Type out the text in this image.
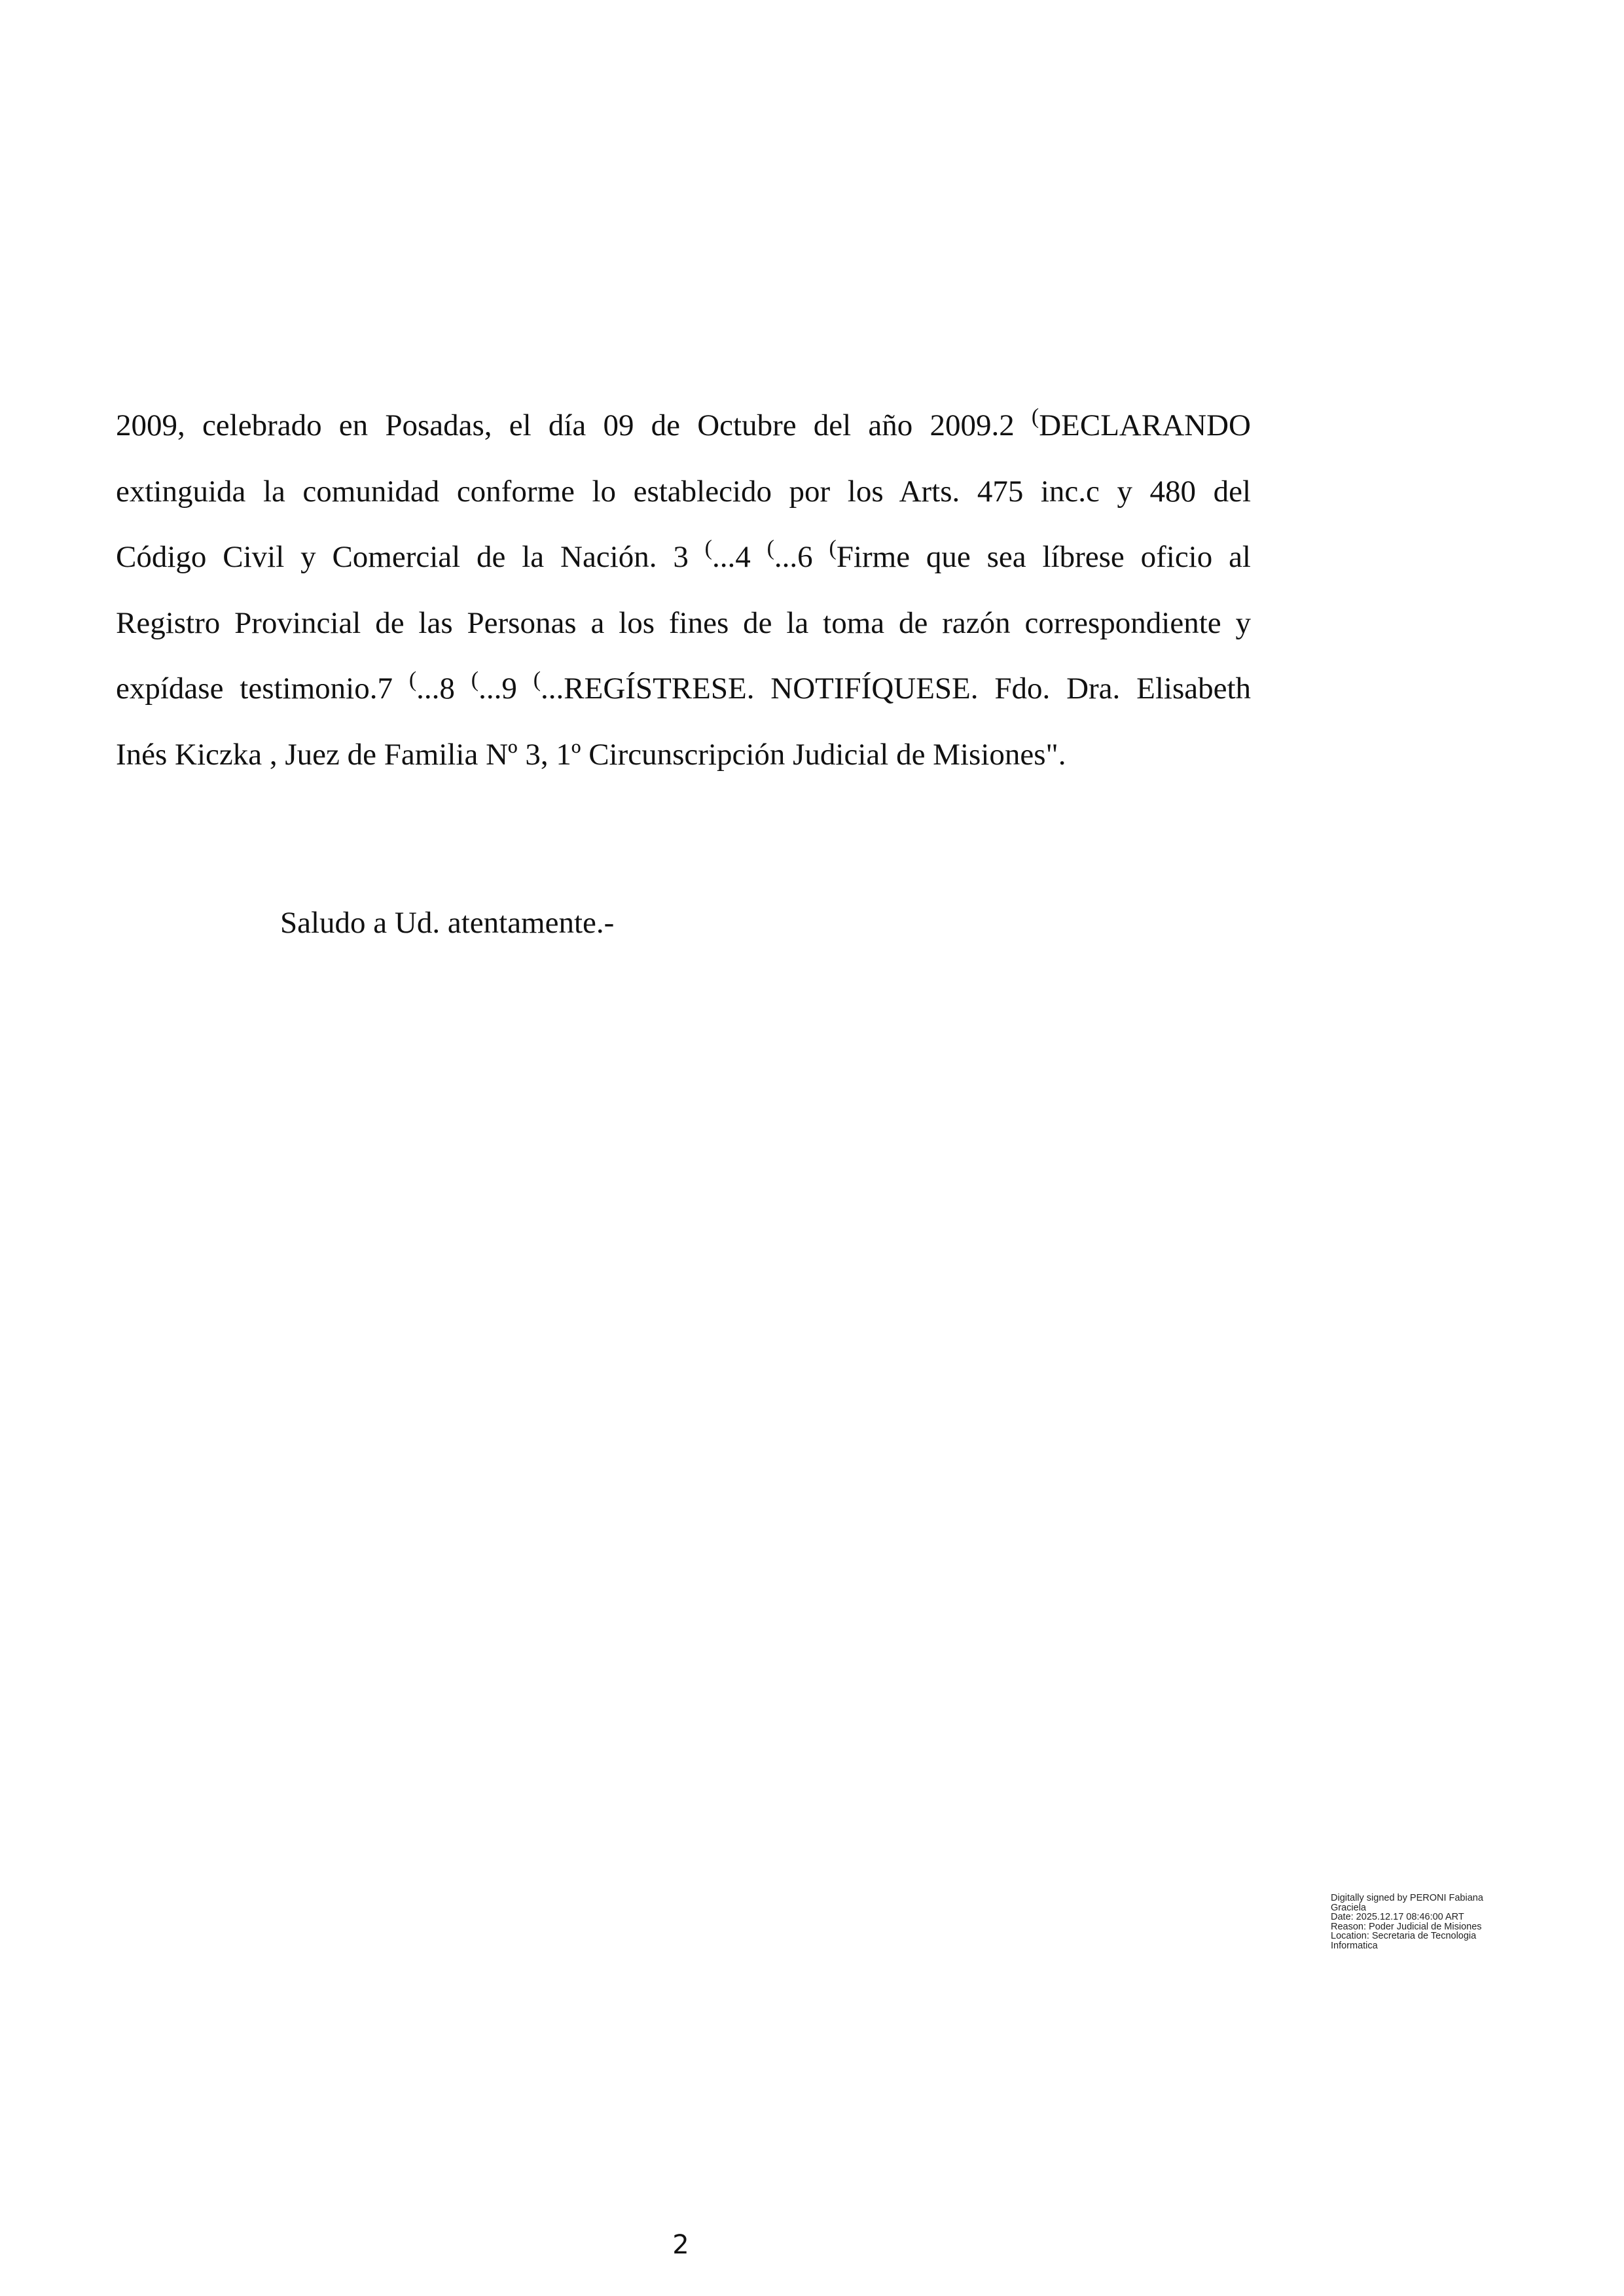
2009, celebrado en Posadas, el día 09 de Octubre del año 2009.2 (DECLARANDO
extinguida la comunidad conforme lo establecido por los Arts. 475 inc.c y 480 del
Código Civil y Comercial de la Nación. 3 (...4 (...6 (Firme que sea líbrese oficio al
Registro Provincial de las Personas a los fines de la toma de razón correspondiente y
expídase testimonio.7 (...8 (...9 (...REGÍSTRESE. NOTIFÍQUESE. Fdo. Dra. Elisabeth
Inés Kiczka , Juez de Familia Nº 3, 1º Circunscripción Judicial de Misiones".

Saludo a Ud. atentamente.-

Digitally signed by PERONI Fabiana
Graciela
Date: 2025.12.17 08:46:00 ART
Reason: Poder Judicial de Misiones
Location: Secretaria de Tecnologia
Informatica
2
